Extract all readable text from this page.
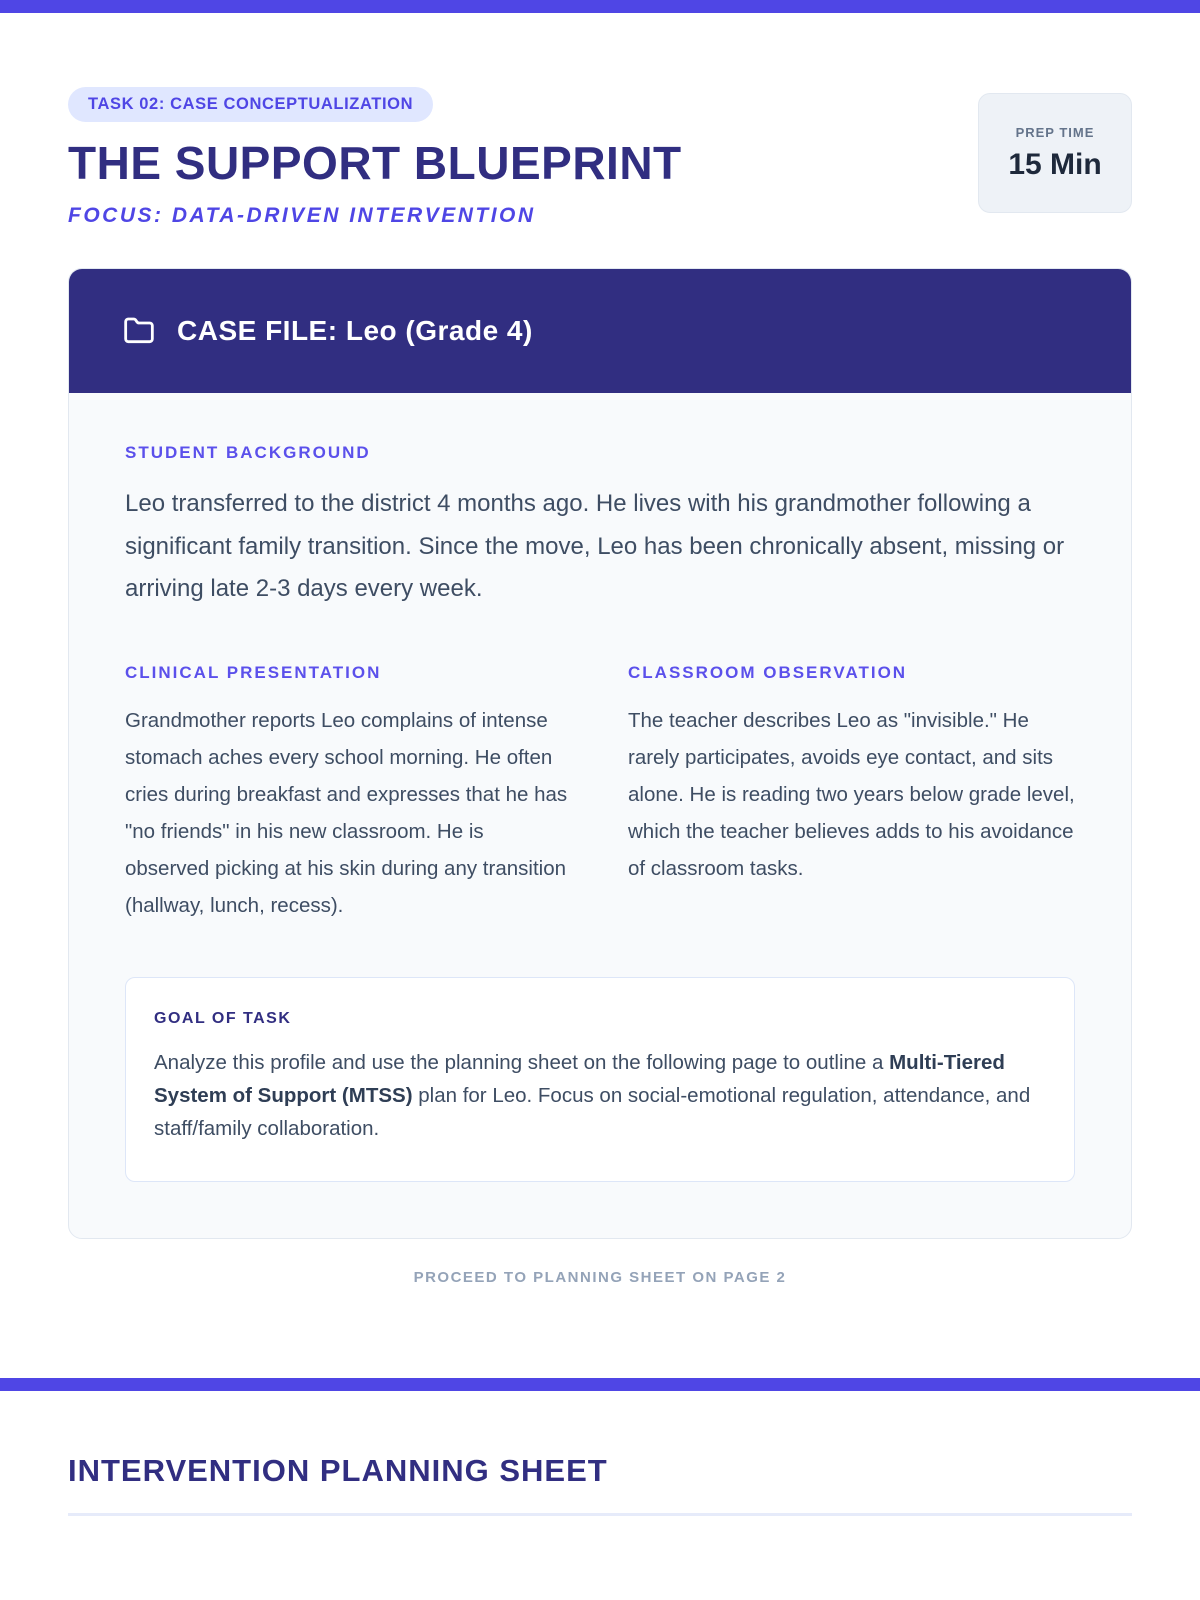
TASK 02: CASE CONCEPTUALIZATION
THE SUPPORT BLUEPRINT
FOCUS: DATA-DRIVEN INTERVENTION
PREP TIME
15 Min
CASE FILE: Leo (Grade 4)
STUDENT BACKGROUND

Leo transferred to the district 4 months ago. He lives with his grandmother following a significant family transition. Since the move, Leo has been chronically absent, missing or arriving late 2-3 days every week.

CLINICAL PRESENTATION

Grandmother reports Leo complains of intense stomach aches every school morning. He often cries during breakfast and expresses that he has "no friends" in his new classroom. He is observed picking at his skin during any transition (hallway, lunch, recess).

CLASSROOM OBSERVATION

The teacher describes Leo as "invisible." He rarely participates, avoids eye contact, and sits alone. He is reading two years below grade level, which the teacher believes adds to his avoidance of classroom tasks.

GOAL OF TASK

Analyze this profile and use the planning sheet on the following page to outline a Multi-Tiered System of Support (MTSS) plan for Leo. Focus on social-emotional regulation, attendance, and staff/family collaboration.

PROCEED TO PLANNING SHEET ON PAGE 2
INTERVENTION PLANNING SHEET
